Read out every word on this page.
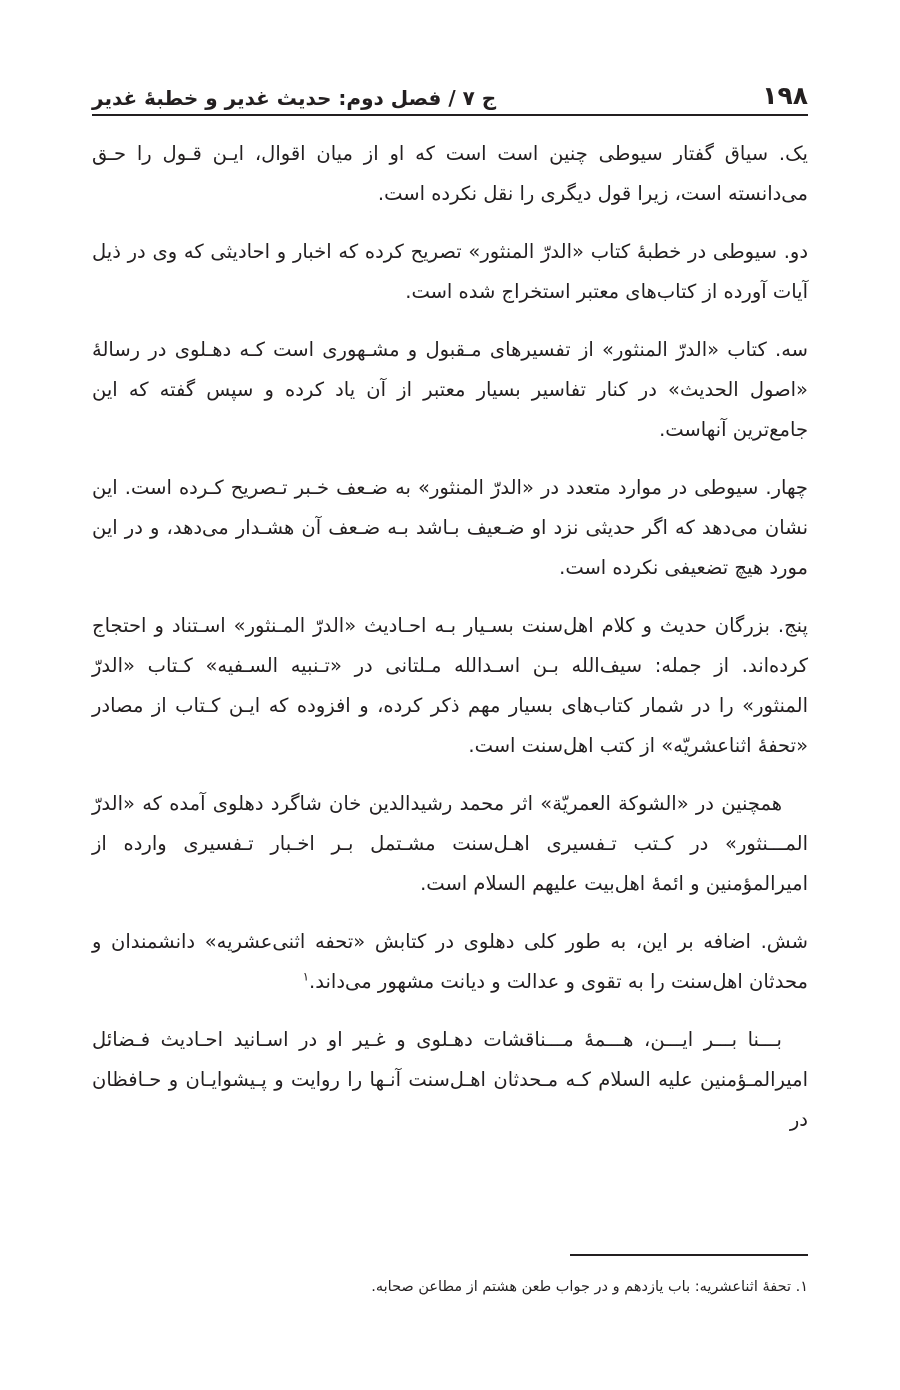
۱۹۸
ج ۷ / فصل دوم: حدیث غدیر و خطبهٔ غدیر

یک. سیاق گفتار سیوطی چنین است است که او از میان اقوال، ایـن قـول را حـق می‌دانسته است، زیرا قول دیگری را نقل نکرده است.

دو. سیوطی در خطبهٔ کتاب «الدرّ المنثور» تصریح کرده که اخبار و احادیثی که وی در ذیل آیات آورده از کتاب‌های معتبر استخراج شده است.

سه. کتاب «الدرّ المنثور» از تفسیرهای مـقبول و مشـهوری است کـه دهـلوی در رسالهٔ «اصول الحدیث» در کنار تفاسیر بسیار معتبر از آن یاد کرده و سپس گفته که این جامع‌ترین آنهاست.

چهار. سیوطی در موارد متعدد در «الدرّ المنثور» به ضـعف خـبر تـصریح کـرده است. این نشان می‌دهد که اگر حدیثی نزد او ضـعیف بـاشد بـه ضـعف آن هشـدار می‌دهد، و در این مورد هیچ تضعیفی نکرده است.

پنج. بزرگان حدیث و کلام اهل‌سنت بسـیار بـه احـادیث «الدرّ المـنثور» اسـتناد و احتجاج کرده‌اند. از جمله: سیف‌الله بـن اسـدالله مـلتانی در «تـنبیه السـفیه» کـتاب «الدرّ المنثور» را در شمار کتاب‌های بسیار مهم ذکر کرده، و افزوده که ایـن کـتاب از مصادر «تحفهٔ اثناعشریّه» از کتب اهل‌سنت است.

همچنین در «الشوکة العمریّة» اثر محمد رشیدالدین خان شاگرد دهلوی آمده که «الدرّ المـــنثور» در کـتب تـفسیری اهـل‌سنت مشـتمل بـر اخـبار تـفسیری وارده از امیرالمؤمنین و ائمهٔ اهل‌بیت علیهم السلام است.

شش. اضافه بر این، به طور کلی دهلوی در کتابش «تحفه اثنی‌عشریه» دانشمندان و محدثان اهل‌سنت را به تقوی و عدالت و دیانت مشهور می‌داند.$^۱$

بـــنا بـــر ایـــن، هـــمهٔ مـــناقشات دهـلوی و غـیر او در اسـانید احـادیث فـضائل امیرالمـؤمنین علیه السلام کـه مـحدثان اهـل‌سنت آنـها را روایت و پـیشوایـان و حـافظان در

۱. تحفهٔ اثناعشریه: باب یازدهم و در جواب طعن هشتم از مطاعن صحابه.
